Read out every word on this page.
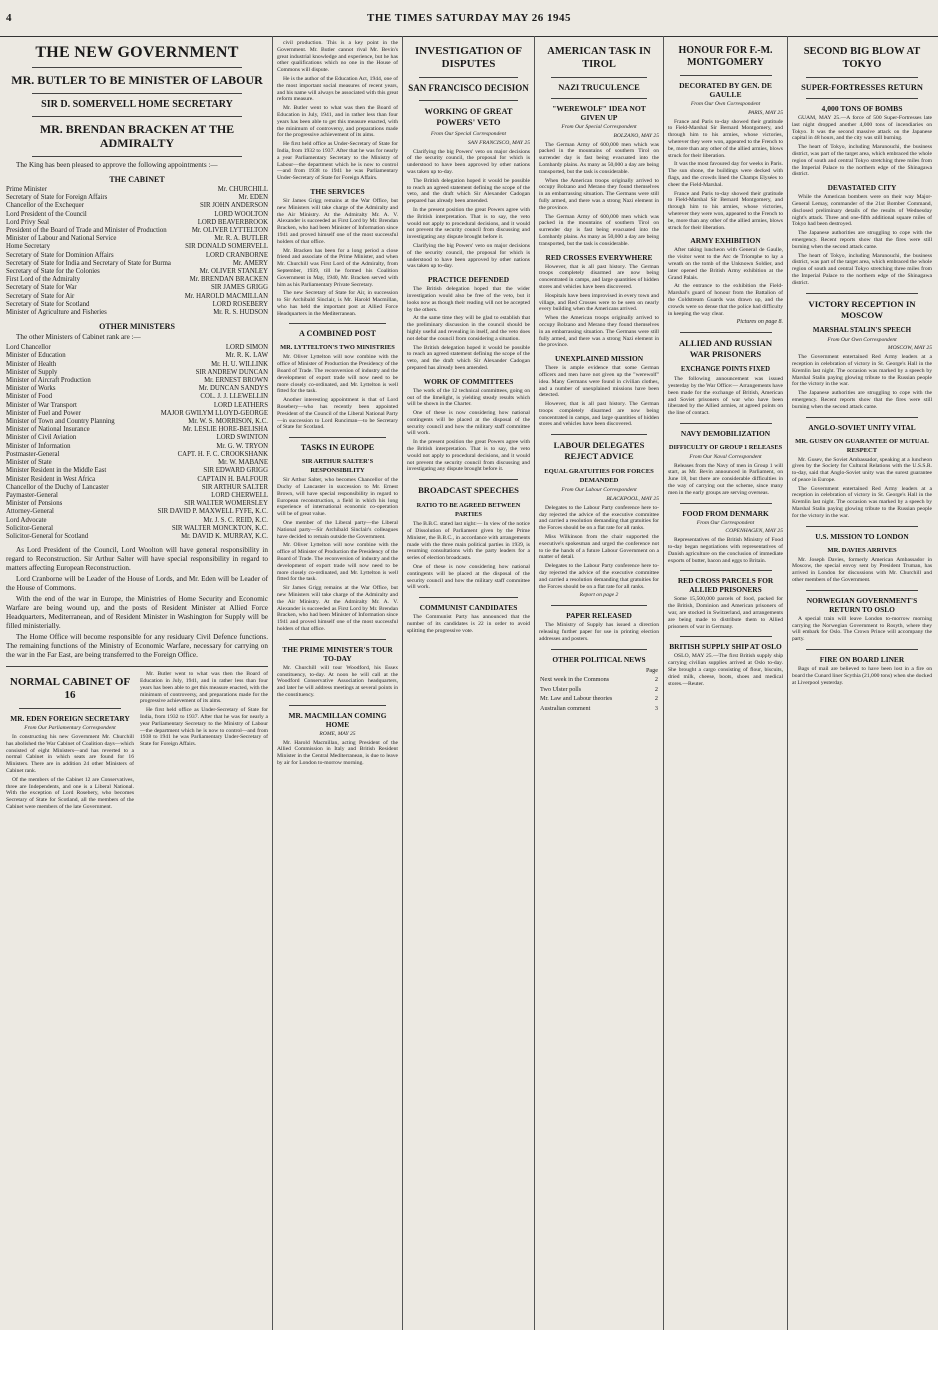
4	THE TIMES SATURDAY MAY 26 1945
THE NEW GOVERNMENT
MR. BUTLER TO BE MINISTER OF LABOUR
SIR D. SOMERVELL HOME SECRETARY
MR. BRENDAN BRACKEN AT THE ADMIRALTY

The King has been pleased to approve the following appointments :—

THE CABINET
Prime Minister	Mr. CHURCHILL
Secretary of State for Foreign Affairs	Mr. EDEN
Chancellor of the Exchequer	SIR JOHN ANDERSON
Lord President of the Council	LORD WOOLTON
Lord Privy Seal	LORD BEAVERBROOK
President of the Board of Trade and Minister of Production	Mr. OLIVER LYTTELTON
Minister of Labour and National Service	Mr. R. A. BUTLER
Home Secretary	SIR DONALD SOMERVELL
Secretary of State for Dominion Affairs	LORD CRANBORNE
Secretary of State for India and Secretary of State for Burma	Mr. AMERY
Secretary of State for the Colonies	Mr. OLIVER STANLEY
First Lord of the Admiralty	Mr. BRENDAN BRACKEN
Secretary of State for War	SIR JAMES GRIGG
Secretary of State for Air	Mr. HAROLD MACMILLAN
Secretary of State for Scotland	LORD ROSEBERY
Minister of Agriculture and Fisheries	Mr. R. S. HUDSON
OTHER MINISTERS

The other Ministers of Cabinet rank are :—

Lord Chancellor	LORD SIMON
Minister of Education	Mr. R. K. LAW
Minister of Health	Mr. H. U. WILLINK
Minister of Supply	SIR ANDREW DUNCAN
Minister of Aircraft Production	Mr. ERNEST BROWN
Minister of Works	Mr. DUNCAN SANDYS
Minister of Food	COL. J. J. LLEWELLIN
Minister of War Transport	LORD LEATHERS
Minister of Fuel and Power	MAJOR GWILYM LLOYD-GEORGE
Minister of Town and Country Planning	Mr. W. S. MORRISON, K.C.
Minister of National Insurance	Mr. LESLIE HORE-BELISHA
Minister of Civil Aviation	LORD SWINTON
Minister of Information	Mr. G. W. TRYON
Postmaster-General	CAPT. H. F. C. CROOKSHANK
Minister of State	Mr. W. MABANE
Minister Resident in the Middle East	SIR EDWARD GRIGG
Minister Resident in West Africa	CAPTAIN H. BALFOUR
Chancellor of the Duchy of Lancaster	SIR ARTHUR SALTER
Paymaster-General	LORD CHERWELL
Minister of Pensions	SIR WALTER WOMERSLEY
Attorney-General	SIR DAVID P. MAXWELL FYFE, K.C.
Lord Advocate	Mr. J. S. C. REID, K.C.
Solicitor-General	SIR WALTER MONCKTON, K.C.
Solicitor-General for Scotland	Mr. DAVID K. MURRAY, K.C.

As Lord President of the Council, Lord Woolton will have general responsibility in regard to Reconstruction. Sir Arthur Salter will have special responsibility in regard to matters affecting European Reconstruction.

Lord Cranborne will be Leader of the House of Lords, and Mr. Eden will be Leader of the House of Commons.

With the end of the war in Europe, the Ministries of Home Security and Economic Warfare are being wound up, and the posts of Resident Minister at Allied Force Headquarters, Mediterranean, and of Resident Minister in Washington for Supply will be filled ministerially.

The Home Office will become responsible for any residuary Civil Defence functions. The remaining functions of the Ministry of Economic Warfare, necessary for carrying on the war in the Far East, are being transferred to the Foreign Office.

NORMAL CABINET OF 16
MR. EDEN FOREIGN SECRETARY
From Our Parliamentary Correspondent

In constructing his new Government Mr. Churchill has abolished the War Cabinet of Coalition days—which consisted of eight Ministers—and has reverted to a normal Cabinet in which seats are found for 16 Ministers. There are in addition 24 other Ministers of Cabinet rank.

Of the members of the Cabinet 12 are Conservatives, three are Independents, and one is a Liberal National. With the exception of Lord Rosebery, who becomes Secretary of State for Scotland, all the members of the Cabinet were members of the late Government.

Mr. Butler went to what was then the Board of Education in July, 1941, and in rather less than four years has been able to get this measure enacted, with the minimum of controversy, and preparations made for the progressive achievement of its aims.

He first held office as Under-Secretary of State for India, from 1932 to 1937. After that he was for nearly a year Parliamentary Secretary to the Ministry of Labour—the department which he is now to control—and from 1938 to 1941 he was Parliamentary Under-Secretary of State for Foreign Affairs.

civil production. This is a key point in the Government. Mr. Butler cannot rival Mr. Bevin's great industrial knowledge and experience, but he has other qualifications which no one in the House of Commons will dispute.

He is the author of the Education Act, 1944, one of the most important social measures of recent years, and his name will always be associated with this great reform measure.

Mr. Butler went to what was then the Board of Education in July, 1941, and in rather less than four years has been able to get this measure enacted, with the minimum of controversy, and preparations made for the progressive achievement of its aims.

He first held office as Under-Secretary of State for India, from 1932 to 1937. After that he was for nearly a year Parliamentary Secretary to the Ministry of Labour—the department which he is now to control—and from 1938 to 1941 he was Parliamentary Under-Secretary of State for Foreign Affairs.

THE SERVICES

Sir James Grigg remains at the War Office, but new Ministers will take charge of the Admiralty and the Air Ministry. At the Admiralty Mr. A. V. Alexander is succeeded as First Lord by Mr. Brendan Bracken, who had been Minister of Information since 1941 and proved himself one of the most successful holders of that office.

Mr. Bracken has been for a long period a close friend and associate of the Prime Minister, and when Mr. Churchill was First Lord of the Admiralty, from September, 1939, till he formed his Coalition Government in May, 1940, Mr. Bracken served with him as his Parliamentary Private Secretary.

The new Secretary of State for Air, in succession to Sir Archibald Sinclair, is Mr. Harold Macmillan, who has held the important post at Allied Force Headquarters in the Mediterranean.

A COMBINED POST
MR. LYTTELTON'S TWO MINISTRIES

Mr. Oliver Lyttelton will now combine with the office of Minister of Production the Presidency of the Board of Trade. The reconversion of industry and the development of export trade will now need to be more closely co-ordinated, and Mr. Lyttelton is well fitted for the task.

Another interesting appointment is that of Lord Rosebery—who has recently been appointed President of the Council of the Liberal National Party—in succession to Lord Runciman—to be Secretary of State for Scotland.

TASKS IN EUROPE
SIR ARTHUR SALTER'S RESPONSIBILITY

Sir Arthur Salter, who becomes Chancellor of the Duchy of Lancaster in succession to Mr. Ernest Brown, will have special responsibility in regard to European reconstruction, a field in which his long experience of international economic co-operation will be of great value.

One member of the Liberal party—the Liberal National party—Sir Archibald Sinclair's colleagues have decided to remain outside the Government.

Mr. Oliver Lyttelton will now combine with the office of Minister of Production the Presidency of the Board of Trade. The reconversion of industry and the development of export trade will now need to be more closely co-ordinated, and Mr. Lyttelton is well fitted for the task.

Sir James Grigg remains at the War Office, but new Ministers will take charge of the Admiralty and the Air Ministry. At the Admiralty Mr. A. V. Alexander is succeeded as First Lord by Mr. Brendan Bracken, who had been Minister of Information since 1941 and proved himself one of the most successful holders of that office.

THE PRIME MINISTER'S TOUR TO-DAY

Mr. Churchill will tour Woodford, his Essex constituency, to-day. At noon he will call at the Woodford Conservative Association headquarters, and later he will address meetings at several points in the constituency.

MR. MACMILLAN COMING HOME
ROME, MAY 25

Mr. Harold Macmillan, acting President of the Allied Commission in Italy and British Resident Minister in the Central Mediterranean, is due to leave by air for London to-morrow morning.

INVESTIGATION OF DISPUTES
SAN FRANCISCO DECISION
WORKING OF GREAT POWERS' VETO
From Our Special Correspondent
SAN FRANCISCO, MAY 25

Clarifying the big Powers' veto on major decisions of the security council, the proposal for which is understood to have been approved by other nations was taken up to-day.

The British delegation hoped it would be possible to reach an agreed statement defining the scope of the veto, and the draft which Sir Alexander Cadogan prepared has already been amended.

In the present position the great Powers agree with the British interpretation. That is to say, the veto would not apply to procedural decisions, and it would not prevent the security council from discussing and investigating any dispute brought before it.

Clarifying the big Powers' veto on major decisions of the security council, the proposal for which is understood to have been approved by other nations was taken up to-day.

PRACTICE DEFENDED

The British delegation hoped that the wider investigation would also be free of the veto, but it looks now as though their reading will not be accepted by the others.

At the same time they will be glad to establish that the preliminary discussion in the council should be highly useful and revealing in itself, and the veto does not debar the council from considering a situation.

The British delegation hoped it would be possible to reach an agreed statement defining the scope of the veto, and the draft which Sir Alexander Cadogan prepared has already been amended.

WORK OF COMMITTEES

The work of the 12 technical committees, going on out of the limelight, is yielding steady results which will be shown in the Charter.

One of these is now considering how national contingents will be placed at the disposal of the security council and how the military staff committee will work.

In the present position the great Powers agree with the British interpretation. That is to say, the veto would not apply to procedural decisions, and it would not prevent the security council from discussing and investigating any dispute brought before it.

BROADCAST SPEECHES
RATIO TO BE AGREED BETWEEN PARTIES

The B.B.C. stated last night:— In view of the notice of Dissolution of Parliament given by the Prime Minister, the B.B.C., in accordance with arrangements made with the three main political parties in 1939, is resuming consultations with the party leaders for a series of election broadcasts.

One of these is now considering how national contingents will be placed at the disposal of the security council and how the military staff committee will work.

COMMUNIST CANDIDATES

The Communist Party has announced that the number of its candidates is 22 in order to avoid splitting the progressive vote.

AMERICAN TASK IN TIROL
NAZI TRUCULENCE
"WEREWOLF" IDEA NOT GIVEN UP
From Our Special Correspondent
BOLZANO, MAY 25

The German Army of 600,000 men which was packed in the mountains of southern Tirol on surrender day is fast being evacuated into the Lombardy plains. As many as 50,000 a day are being transported, but the task is considerable.

When the American troops originally arrived to occupy Bolzano and Merano they found themselves in an embarrassing situation. The Germans were still fully armed, and there was a strong Nazi element in the province.

The German Army of 600,000 men which was packed in the mountains of southern Tirol on surrender day is fast being evacuated into the Lombardy plains. As many as 50,000 a day are being transported, but the task is considerable.

RED CROSSES EVERYWHERE

However, that is all past history. The German troops completely disarmed are now being concentrated in camps, and large quantities of hidden stores and vehicles have been discovered.

Hospitals have been improvised in every town and village, and Red Crosses were to be seen on nearly every building when the Americans arrived.

When the American troops originally arrived to occupy Bolzano and Merano they found themselves in an embarrassing situation. The Germans were still fully armed, and there was a strong Nazi element in the province.

UNEXPLAINED MISSION

There is ample evidence that some German officers and men have not given up the "werewolf" idea. Many Germans were found in civilian clothes, and a number of unexplained missions have been detected.

However, that is all past history. The German troops completely disarmed are now being concentrated in camps, and large quantities of hidden stores and vehicles have been discovered.

LABOUR DELEGATES REJECT ADVICE
EQUAL GRATUITIES FOR FORCES DEMANDED
From Our Labour Correspondent
BLACKPOOL, MAY 25

Delegates to the Labour Party conference here to-day rejected the advice of the executive committee and carried a resolution demanding that gratuities for the Forces should be on a flat rate for all ranks.

Miss Wilkinson from the chair supported the executive's spokesman and urged the conference not to tie the hands of a future Labour Government on a matter of detail.

Delegates to the Labour Party conference here to-day rejected the advice of the executive committee and carried a resolution demanding that gratuities for the Forces should be on a flat rate for all ranks.

Report on page 2
PAPER RELEASED

The Ministry of Supply has issued a direction releasing further paper for use in printing election addresses and posters.

OTHER POLITICAL NEWS
	Page
Next week in the Commons	2
Two Ulster polls	2
Mr. Law and Labour theories	2
Australian comment	3
HONOUR FOR F.-M. MONTGOMERY
DECORATED BY GEN. DE GAULLE
From Our Own Correspondent
PARIS, MAY 25

France and Paris to-day showed their gratitude to Field-Marshal Sir Bernard Montgomery, and through him to his armies, whose victories, wherever they were won, appeared to the French to be, more than any other of the allied armies, blows struck for their liberation.

It was the most favoured day for weeks in Paris. The sun shone, the buildings were decked with flags, and the crowds lined the Champs Elysées to cheer the Field-Marshal.

France and Paris to-day showed their gratitude to Field-Marshal Sir Bernard Montgomery, and through him to his armies, whose victories, wherever they were won, appeared to the French to be, more than any other of the allied armies, blows struck for their liberation.

ARMY EXHIBITION

After taking luncheon with General de Gaulle, the visitor went to the Arc de Triomphe to lay a wreath on the tomb of the Unknown Soldier, and later opened the British Army exhibition at the Grand Palais.

At the entrance to the exhibition the Field-Marshal's guard of honour from the Battalion of the Coldstream Guards was drawn up, and the crowds were so dense that the police had difficulty in keeping the way clear.

Pictures on page 8.
ALLIED AND RUSSIAN WAR PRISONERS
EXCHANGE POINTS FIXED

The following announcement was issued yesterday by the War Office:— Arrangements have been made for the exchange of British, American and Soviet prisoners of war who have been liberated by the Allied armies, at agreed points on the line of contact.

NAVY DEMOBILIZATION
DIFFICULTY OF GROUP 1 RELEASES
From Our Naval Correspondent

Releases from the Navy of men in Group 1 will start, as Mr. Bevin announced in Parliament, on June 18, but there are considerable difficulties in the way of carrying out the scheme, since many men in the early groups are serving overseas.

FOOD FROM DENMARK
From Our Correspondent
COPENHAGEN, MAY 25

Representatives of the British Ministry of Food to-day began negotiations with representatives of Danish agriculture on the conclusion of immediate exports of butter, bacon and eggs to Britain.

RED CROSS PARCELS FOR ALLIED PRISONERS

Some 15,500,000 parcels of food, packed for the British, Dominion and American prisoners of war, are stocked in Switzerland, and arrangements are being made to distribute them to Allied prisoners of war in Germany.

BRITISH SUPPLY SHIP AT OSLO

OSLO, MAY 25.—The first British supply ship carrying civilian supplies arrived at Oslo to-day. She brought a cargo consisting of flour, biscuits, dried milk, cheese, boots, shoes and medical stores.—Reuter.

SECOND BIG BLOW AT TOKYO
SUPER-FORTRESSES RETURN
4,000 TONS OF BOMBS

GUAM, MAY 25.—A force of 500 Super-Fortresses late last night dropped another 4,000 tons of incendiaries on Tokyo. It was the second massive attack on the Japanese capital in 48 hours, and the city was still burning.

The heart of Tokyo, including Marunouchi, the business district, was part of the target area, which embraced the whole region of south and central Tokyo stretching three miles from the Imperial Palace to the northern edge of the Shinagawa district.

DEVASTATED CITY

While the American bombers were on their way Major-General Lemay, commander of the 21st Bomber Command, disclosed preliminary details of the results of Wednesday night's attack. Three and one-fifth additional square miles of Tokyo had been destroyed.

The Japanese authorities are struggling to cope with the emergency. Recent reports show that the fires were still burning when the second attack came.

The heart of Tokyo, including Marunouchi, the business district, was part of the target area, which embraced the whole region of south and central Tokyo stretching three miles from the Imperial Palace to the northern edge of the Shinagawa district.

VICTORY RECEPTION IN MOSCOW
MARSHAL STALIN'S SPEECH
From Our Own Correspondent
MOSCOW, MAY 25

The Government entertained Red Army leaders at a reception in celebration of victory in St. George's Hall in the Kremlin last night. The occasion was marked by a speech by Marshal Stalin paying glowing tribute to the Russian people for the victory in the war.

The Japanese authorities are struggling to cope with the emergency. Recent reports show that the fires were still burning when the second attack came.

ANGLO-SOVIET UNITY VITAL
MR. GUSEV ON GUARANTEE OF MUTUAL RESPECT

Mr. Gusev, the Soviet Ambassador, speaking at a luncheon given by the Society for Cultural Relations with the U.S.S.R. to-day, said that Anglo-Soviet unity was the surest guarantee of peace in Europe.

The Government entertained Red Army leaders at a reception in celebration of victory in St. George's Hall in the Kremlin last night. The occasion was marked by a speech by Marshal Stalin paying glowing tribute to the Russian people for the victory in the war.

U.S. MISSION TO LONDON
MR. DAVIES ARRIVES

Mr. Joseph Davies, formerly American Ambassador in Moscow, the special envoy sent by President Truman, has arrived in London for discussions with Mr. Churchill and other members of the Government.

NORWEGIAN GOVERNMENT'S RETURN TO OSLO

A special train will leave London to-morrow morning carrying the Norwegian Government to Rosyth, where they will embark for Oslo. The Crown Prince will accompany the party.

FIRE ON BOARD LINER

Bags of mail are believed to have been lost in a fire on board the Cunard liner Scythia (21,000 tons) when she docked at Liverpool yesterday.
